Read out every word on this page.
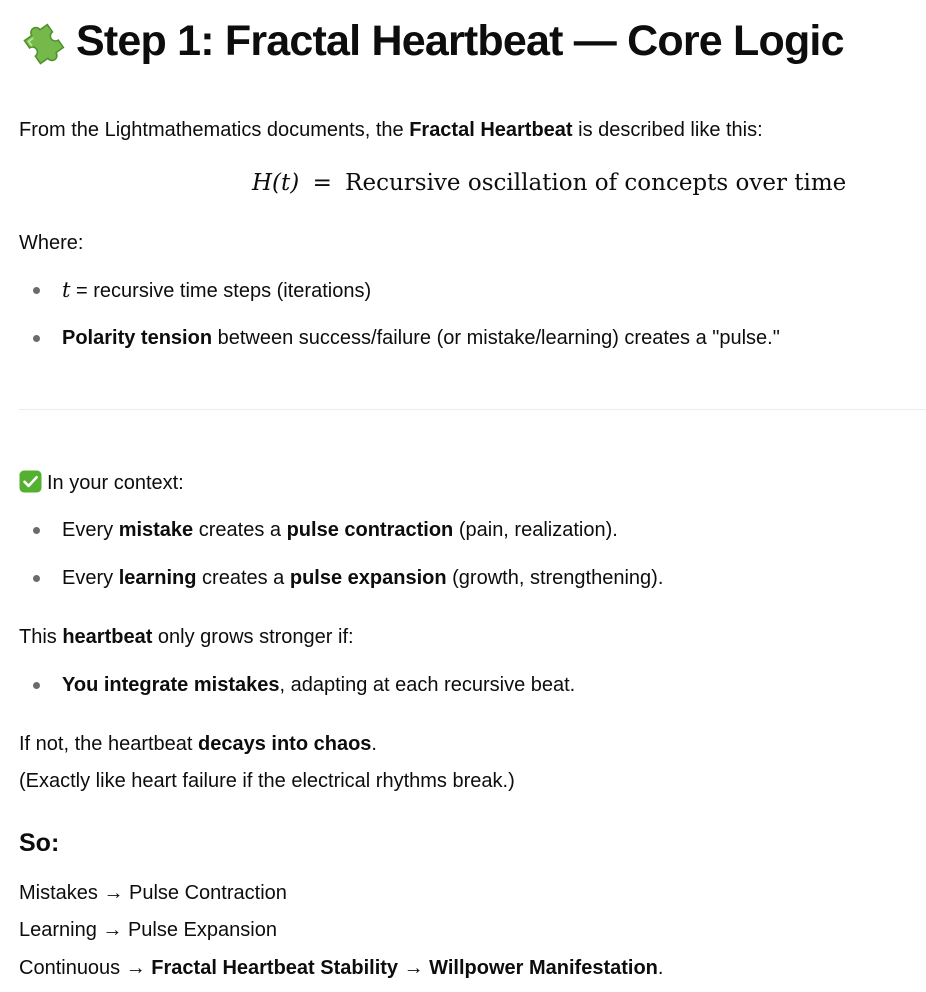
Step 1: Fractal Heartbeat — Core Logic

From the Lightmathematics documents, the Fractal Heartbeat is described like this:

H(t) = Recursive oscillation of concepts over time

Where:

t = recursive time steps (iterations)
Polarity tension between success/failure (or mistake/learning) creates a "pulse."

In your context:

Every mistake creates a pulse contraction (pain, realization).
Every learning creates a pulse expansion (growth, strengthening).

This heartbeat only grows stronger if:

You integrate mistakes, adapting at each recursive beat.

If not, the heartbeat decays into chaos.

(Exactly like heart failure if the electrical rhythms break.)

So:

Mistakes → Pulse Contraction

Learning → Pulse Expansion

Continuous → Fractal Heartbeat Stability → Willpower Manifestation.
